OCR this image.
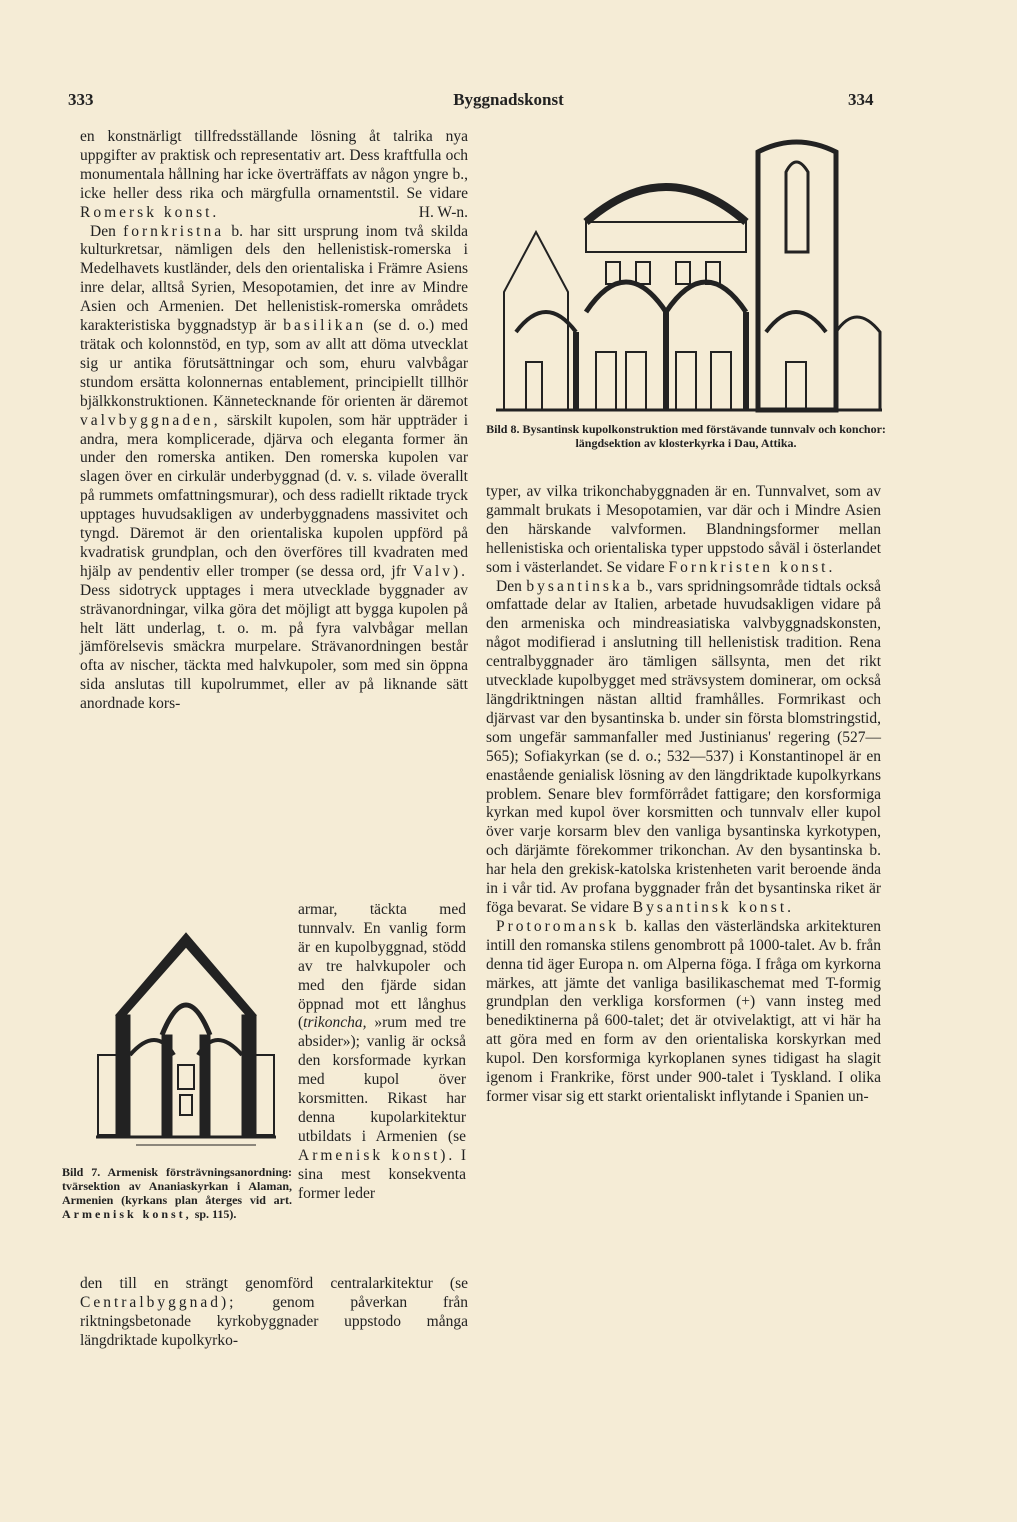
333	Byggnadskonst	334

en konstnärligt tillfredsställande lösning åt talrika nya uppgifter av praktisk och representativ art. Dess kraftfulla och monumentala hållning har icke överträffats av någon yngre b., icke heller dess rika och märgfulla ornamentstil. Se vidare Romersk konst.	H. W-n.

Den fornkristna b. har sitt ursprung inom två skilda kulturkretsar, nämligen dels den hellenistisk-romerska i Medelhavets kustländer, dels den orientaliska i Främre Asiens inre delar, alltså Syrien, Mesopotamien, det inre av Mindre Asien och Armenien. Det hellenistisk-romerska områdets karakteristiska byggnadstyp är basilikan (se d. o.) med trätak och kolonnstöd, en typ, som av allt att döma utvecklat sig ur antika förutsättningar och som, ehuru valvbågar stundom ersätta kolonnernas entablement, principiellt tillhör bjälkkonstruktionen. Kännetecknande för orienten är däremot valvbyggnaden, särskilt kupolen, som här uppträder i andra, mera komplicerade, djärva och eleganta former än under den romerska antiken. Den romerska kupolen var slagen över en cirkulär underbyggnad (d. v. s. vilade överallt på rummets omfattningsmurar), och dess radiellt riktade tryck upptages huvudsakligen av underbyggnadens massivitet och tyngd. Däremot är den orientaliska kupolen uppförd på kvadratisk grundplan, och den överföres till kvadraten med hjälp av pendentiv eller tromper (se dessa ord, jfr Valv). Dess sidotryck upptages i mera utvecklade byggnader av strävanordningar, vilka göra det möjligt att bygga kupolen på helt lätt underlag, t. o. m. på fyra valvbågar mellan jämförelsevis smäckra murpelare. Strävanordningen består ofta av nischer, täckta med halvkupoler, som med sin öppna sida anslutas till kupolrummet, eller av på liknande sätt anordnade kors-

Bild 7. Armenisk försträvningsanordning: tvärsektion av Ananiaskyrkan i Alaman, Armenien (kyrkans plan återges vid art. Armenisk konst, sp. 115).

armar, täckta med tunnvalv. En vanlig form är en kupolbyggnad, stödd av tre halvkupoler och med den fjärde sidan öppnad mot ett långhus (trikoncha, »rum med tre absider»); vanlig är också den korsformade kyrkan med kupol över korsmitten. Rikast har denna kupolarkitektur utbildats i Armenien (se Armenisk konst). I sina mest konsekventa former leder

den till en strängt genomförd centralarkitektur (se Centralbyggnad); genom påverkan från riktningsbetonade kyrkobyggnader uppstodo många längdriktade kupolkyrko-

Bild 8. Bysantinsk kupolkonstruktion med förstävande tunnvalv och konchor: längdsektion av klosterkyrka i Dau, Attika.

typer, av vilka trikonchabyggnaden är en. Tunnvalvet, som av gammalt brukats i Mesopotamien, var där och i Mindre Asien den härskande valvformen. Blandningsformer mellan hellenistiska och orientaliska typer uppstodo såväl i österlandet som i västerlandet. Se vidare Fornkristen konst.

Den bysantinska b., vars spridningsområde tidtals också omfattade delar av Italien, arbetade huvudsakligen vidare på den armeniska och mindreasiatiska valvbyggnadskonsten, något modifierad i anslutning till hellenistisk tradition. Rena centralbyggnader äro tämligen sällsynta, men det rikt utvecklade kupolbygget med strävsystem dominerar, om också längdriktningen nästan alltid framhålles. Formrikast och djärvast var den bysantinska b. under sin första blomstringstid, som ungefär sammanfaller med Justinianus' regering (527—565); Sofiakyrkan (se d. o.; 532—537) i Konstantinopel är en enastående genialisk lösning av den längdriktade kupolkyrkans problem. Senare blev formförrådet fattigare; den korsformiga kyrkan med kupol över korsmitten och tunnvalv eller kupol över varje korsarm blev den vanliga bysantinska kyrkotypen, och därjämte förekommer trikonchan. Av den bysantinska b. har hela den grekisk-katolska kristenheten varit beroende ända in i vår tid. Av profana byggnader från det bysantinska riket är föga bevarat. Se vidare Bysantinsk konst.

Protoromansk b. kallas den västerländska arkitekturen intill den romanska stilens genombrott på 1000-talet. Av b. från denna tid äger Europa n. om Alperna föga. I fråga om kyrkorna märkes, att jämte det vanliga basilikaschemat med T-formig grundplan den verkliga korsformen (+) vann insteg med benediktinerna på 600-talet; det är otvivelaktigt, att vi här ha att göra med en form av den orientaliska korskyrkan med kupol. Den korsformiga kyrkoplanen synes tidigast ha slagit igenom i Frankrike, först under 900-talet i Tyskland. I olika former visar sig ett starkt orientaliskt inflytande i Spanien un-
